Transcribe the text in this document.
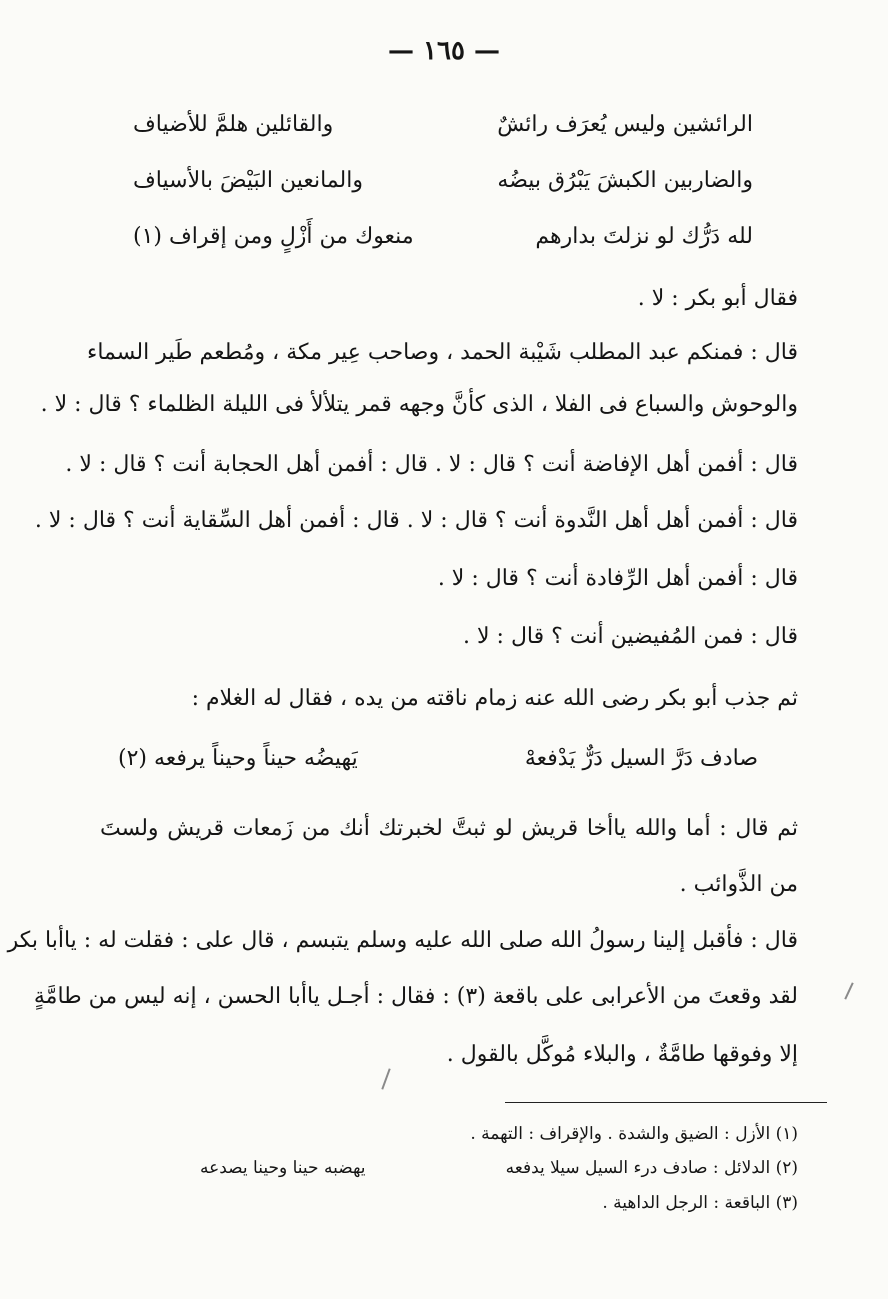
— ١٦٥ —
الرائشين وليس يُعرَف رائشٌ
والقائلين هلمَّ للأضياف
والضاربين الكبشَ يَبْرُق بيضُه
والمانعين البَيْضَ بالأسياف
لله دَرُّك لو نزلتَ بدارهم
منعوك من أَزْلٍ ومن إقراف (١)
فقال أبو بكر : لا .
قال : فمنكم عبد المطلب شَيْبة الحمد ، وصاحب عِير مكة ، ومُطعم طَير السماء
والوحوش والسباع فى الفلا ، الذى كأنَّ وجهه قمر يتلألأ فى الليلة الظلماء ؟ قال : لا .
قال : أفمن أهل الإفاضة أنت ؟ قال : لا . قال : أفمن أهل الحجابة أنت ؟ قال : لا .
قال : أفمن أهل أهل النَّدوة أنت ؟ قال : لا . قال : أفمن أهل السِّقاية أنت ؟ قال : لا .
قال : أفمن أهل الرِّفادة أنت ؟ قال : لا .
قال : فمن المُفيضين أنت ؟ قال : لا .
ثم جذب أبو بكر رضى الله عنه زمام ناقته من يده ، فقال له الغلام :
صادف دَرَّ السيل دَرٌّ يَدْفعهْ
يَهيضُه حيناً وحيناً يرفعه (٢)
ثم قال : أما والله ياأخا قريش لو ثبتَّ لخبرتك أنك من زَمعات قريش ولستَ
من الذَّوائب .
قال : فأقبل إلينا رسولُ الله صلى الله عليه وسلم يتبسم ، قال على : فقلت له : ياأبا بكر
لقد وقعتَ من الأعرابى على باقعة (٣) : فقال : أجـل ياأبا الحسن ، إنه ليس من طامَّةٍ
إلا وفوقها طامَّةٌ ، والبلاء مُوكَّل بالقول .
(١) الأزل : الضيق والشدة . والإقراف : التهمة .
(٢) الدلائل : صادف درء السيل سيلا يدفعه
يهضبه حينا وحينا يصدعه
(٣) الباقعة : الرجل الداهية .
